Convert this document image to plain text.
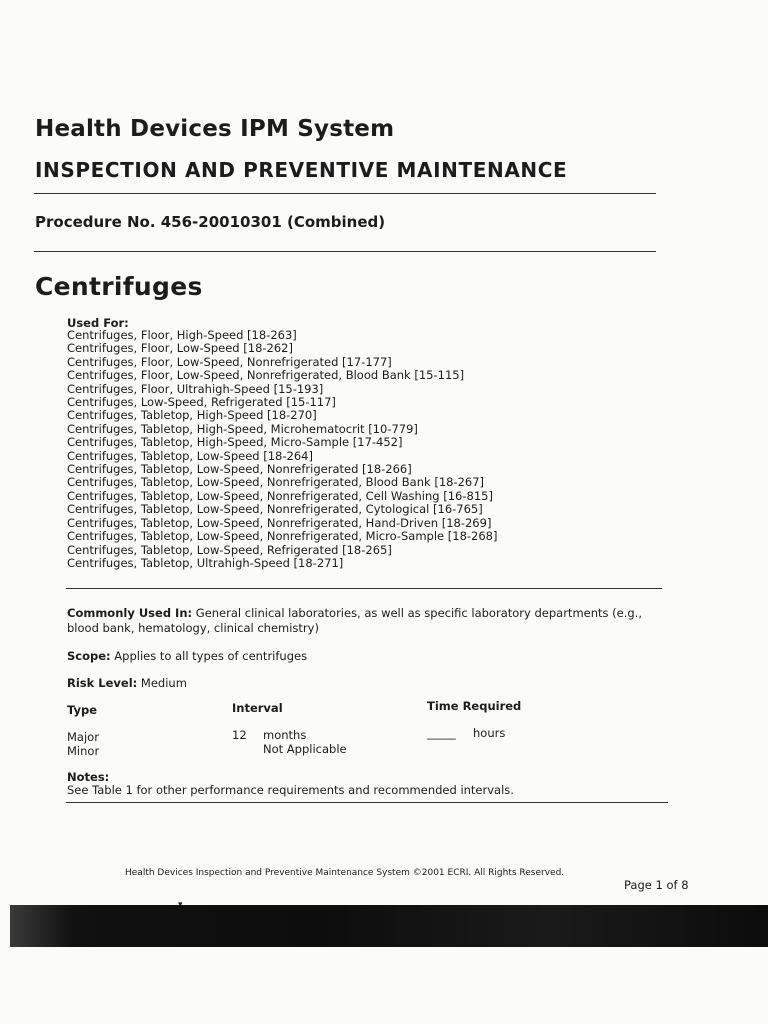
Health Devices IPM System
INSPECTION AND PREVENTIVE MAINTENANCE
Procedure No. 456-20010301 (Combined)
Centrifuges
Used For:
Centrifuges, Floor, High-Speed [18-263]
Centrifuges, Floor, Low-Speed [18-262]
Centrifuges, Floor, Low-Speed, Nonrefrigerated [17-177]
Centrifuges, Floor, Low-Speed, Nonrefrigerated, Blood Bank [15-115]
Centrifuges, Floor, Ultrahigh-Speed [15-193]
Centrifuges, Low-Speed, Refrigerated [15-117]
Centrifuges, Tabletop, High-Speed [18-270]
Centrifuges, Tabletop, High-Speed, Microhematocrit [10-779]
Centrifuges, Tabletop, High-Speed, Micro-Sample [17-452]
Centrifuges, Tabletop, Low-Speed [18-264]
Centrifuges, Tabletop, Low-Speed, Nonrefrigerated [18-266]
Centrifuges, Tabletop, Low-Speed, Nonrefrigerated, Blood Bank [18-267]
Centrifuges, Tabletop, Low-Speed, Nonrefrigerated, Cell Washing [16-815]
Centrifuges, Tabletop, Low-Speed, Nonrefrigerated, Cytological [16-765]
Centrifuges, Tabletop, Low-Speed, Nonrefrigerated, Hand-Driven [18-269]
Centrifuges, Tabletop, Low-Speed, Nonrefrigerated, Micro-Sample [18-268]
Centrifuges, Tabletop, Low-Speed, Refrigerated [18-265]
Centrifuges, Tabletop, Ultrahigh-Speed [18-271]
Commonly Used In: General clinical laboratories, as well as specific laboratory departments (e.g.,
blood bank, hematology, clinical chemistry)
Scope: Applies to all types of centrifuges
Risk Level: Medium
Type	Interval	Time Required
Major	12 months	_____ hours
Minor	Not Applicable
Notes:
See Table 1 for other performance requirements and recommended intervals.
Health Devices Inspection and Preventive Maintenance System ©2001 ECRI. All Rights Reserved.
Page 1 of 8
